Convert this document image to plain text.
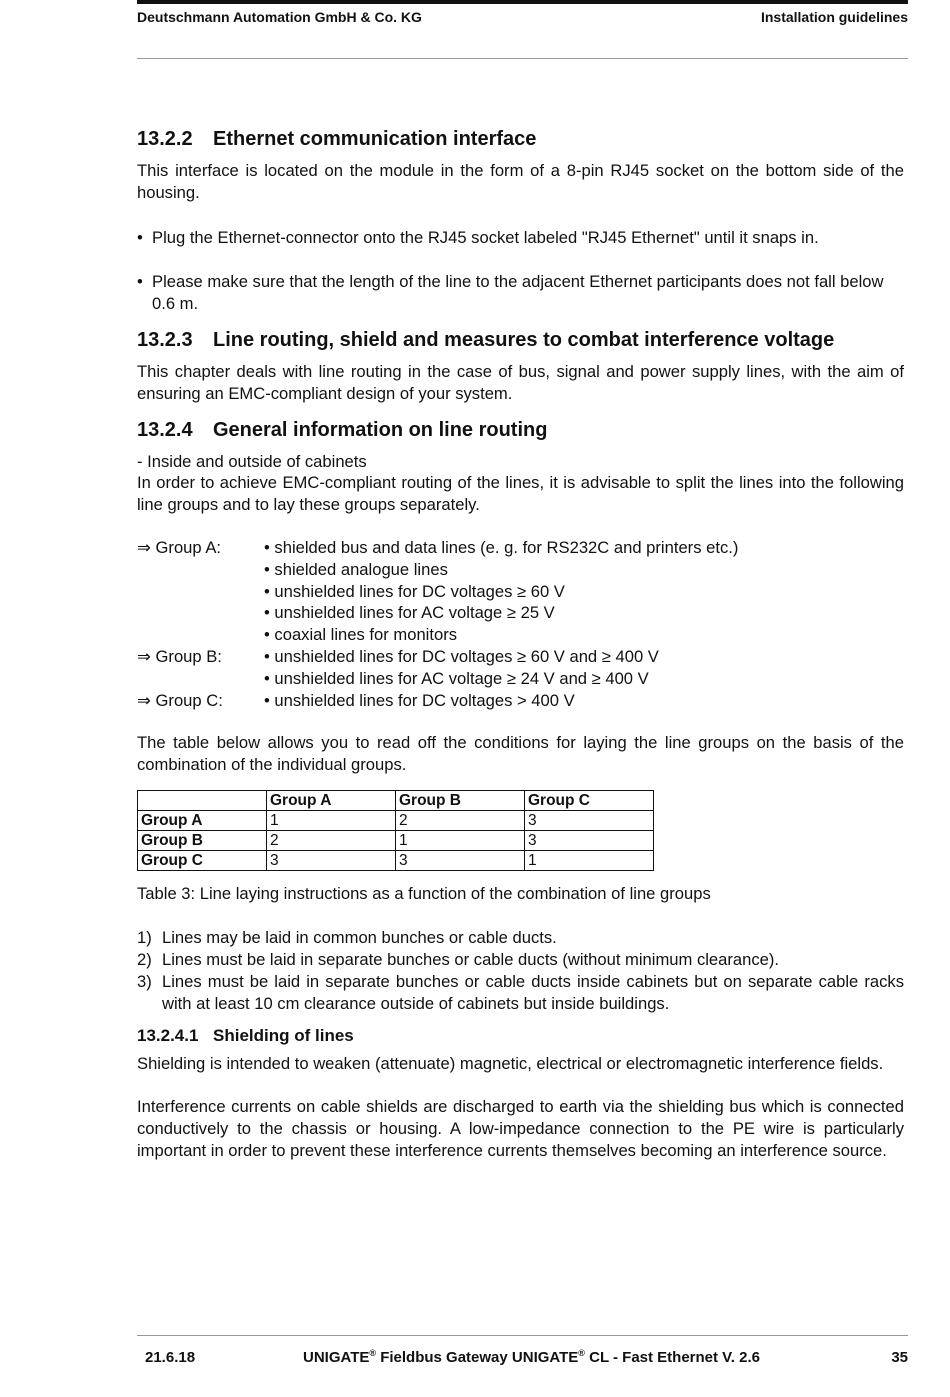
Deutschmann Automation GmbH & Co. KG	Installation guidelines
13.2.2 Ethernet communication interface
This interface is located on the module in the form of a 8-pin RJ45 socket on the bottom side of the housing.
• Plug the Ethernet-connector onto the RJ45 socket labeled "RJ45 Ethernet" until it snaps in.
• Please make sure that the length of the line to the adjacent Ethernet participants does not fall below 0.6 m.
13.2.3 Line routing, shield and measures to combat interference voltage
This chapter deals with line routing in the case of bus, signal and power supply lines, with the aim of ensuring an EMC-compliant design of your system.
13.2.4 General information on line routing
- Inside and outside of cabinets
In order to achieve EMC-compliant routing of the lines, it is advisable to split the lines into the following line groups and to lay these groups separately.
⇒ Group A:	• shielded bus and data lines (e. g. for RS232C and printers etc.)
• shielded analogue lines
• unshielded lines for DC voltages ≥ 60 V
• unshielded lines for AC voltage ≥ 25 V
• coaxial lines for monitors
⇒ Group B:	• unshielded lines for DC voltages ≥ 60 V and ≥ 400 V
• unshielded lines for AC voltage ≥ 24 V and ≥ 400 V
⇒ Group C: • unshielded lines for DC voltages > 400 V
The table below allows you to read off the conditions for laying the line groups on the basis of the combination of the individual groups.
	Group A	Group B	Group C
Group A	1	2	3
Group B	2	1	3
Group C	3	3	1
Table 3: Line laying instructions as a function of the combination of line groups
1) Lines may be laid in common bunches or cable ducts.
2) Lines must be laid in separate bunches or cable ducts (without minimum clearance).
3) Lines must be laid in separate bunches or cable ducts inside cabinets but on separate cable racks with at least 10 cm clearance outside of cabinets but inside buildings.
13.2.4.1 Shielding of lines
Shielding is intended to weaken (attenuate) magnetic, electrical or electromagnetic interference fields.
Interference currents on cable shields are discharged to earth via the shielding bus which is connected conductively to the chassis or housing. A low-impedance connection to the PE wire is particularly important in order to prevent these interference currents themselves becoming an interference source.
21.6.18	UNIGATE® Fieldbus Gateway UNIGATE® CL - Fast Ethernet V. 2.6	35
